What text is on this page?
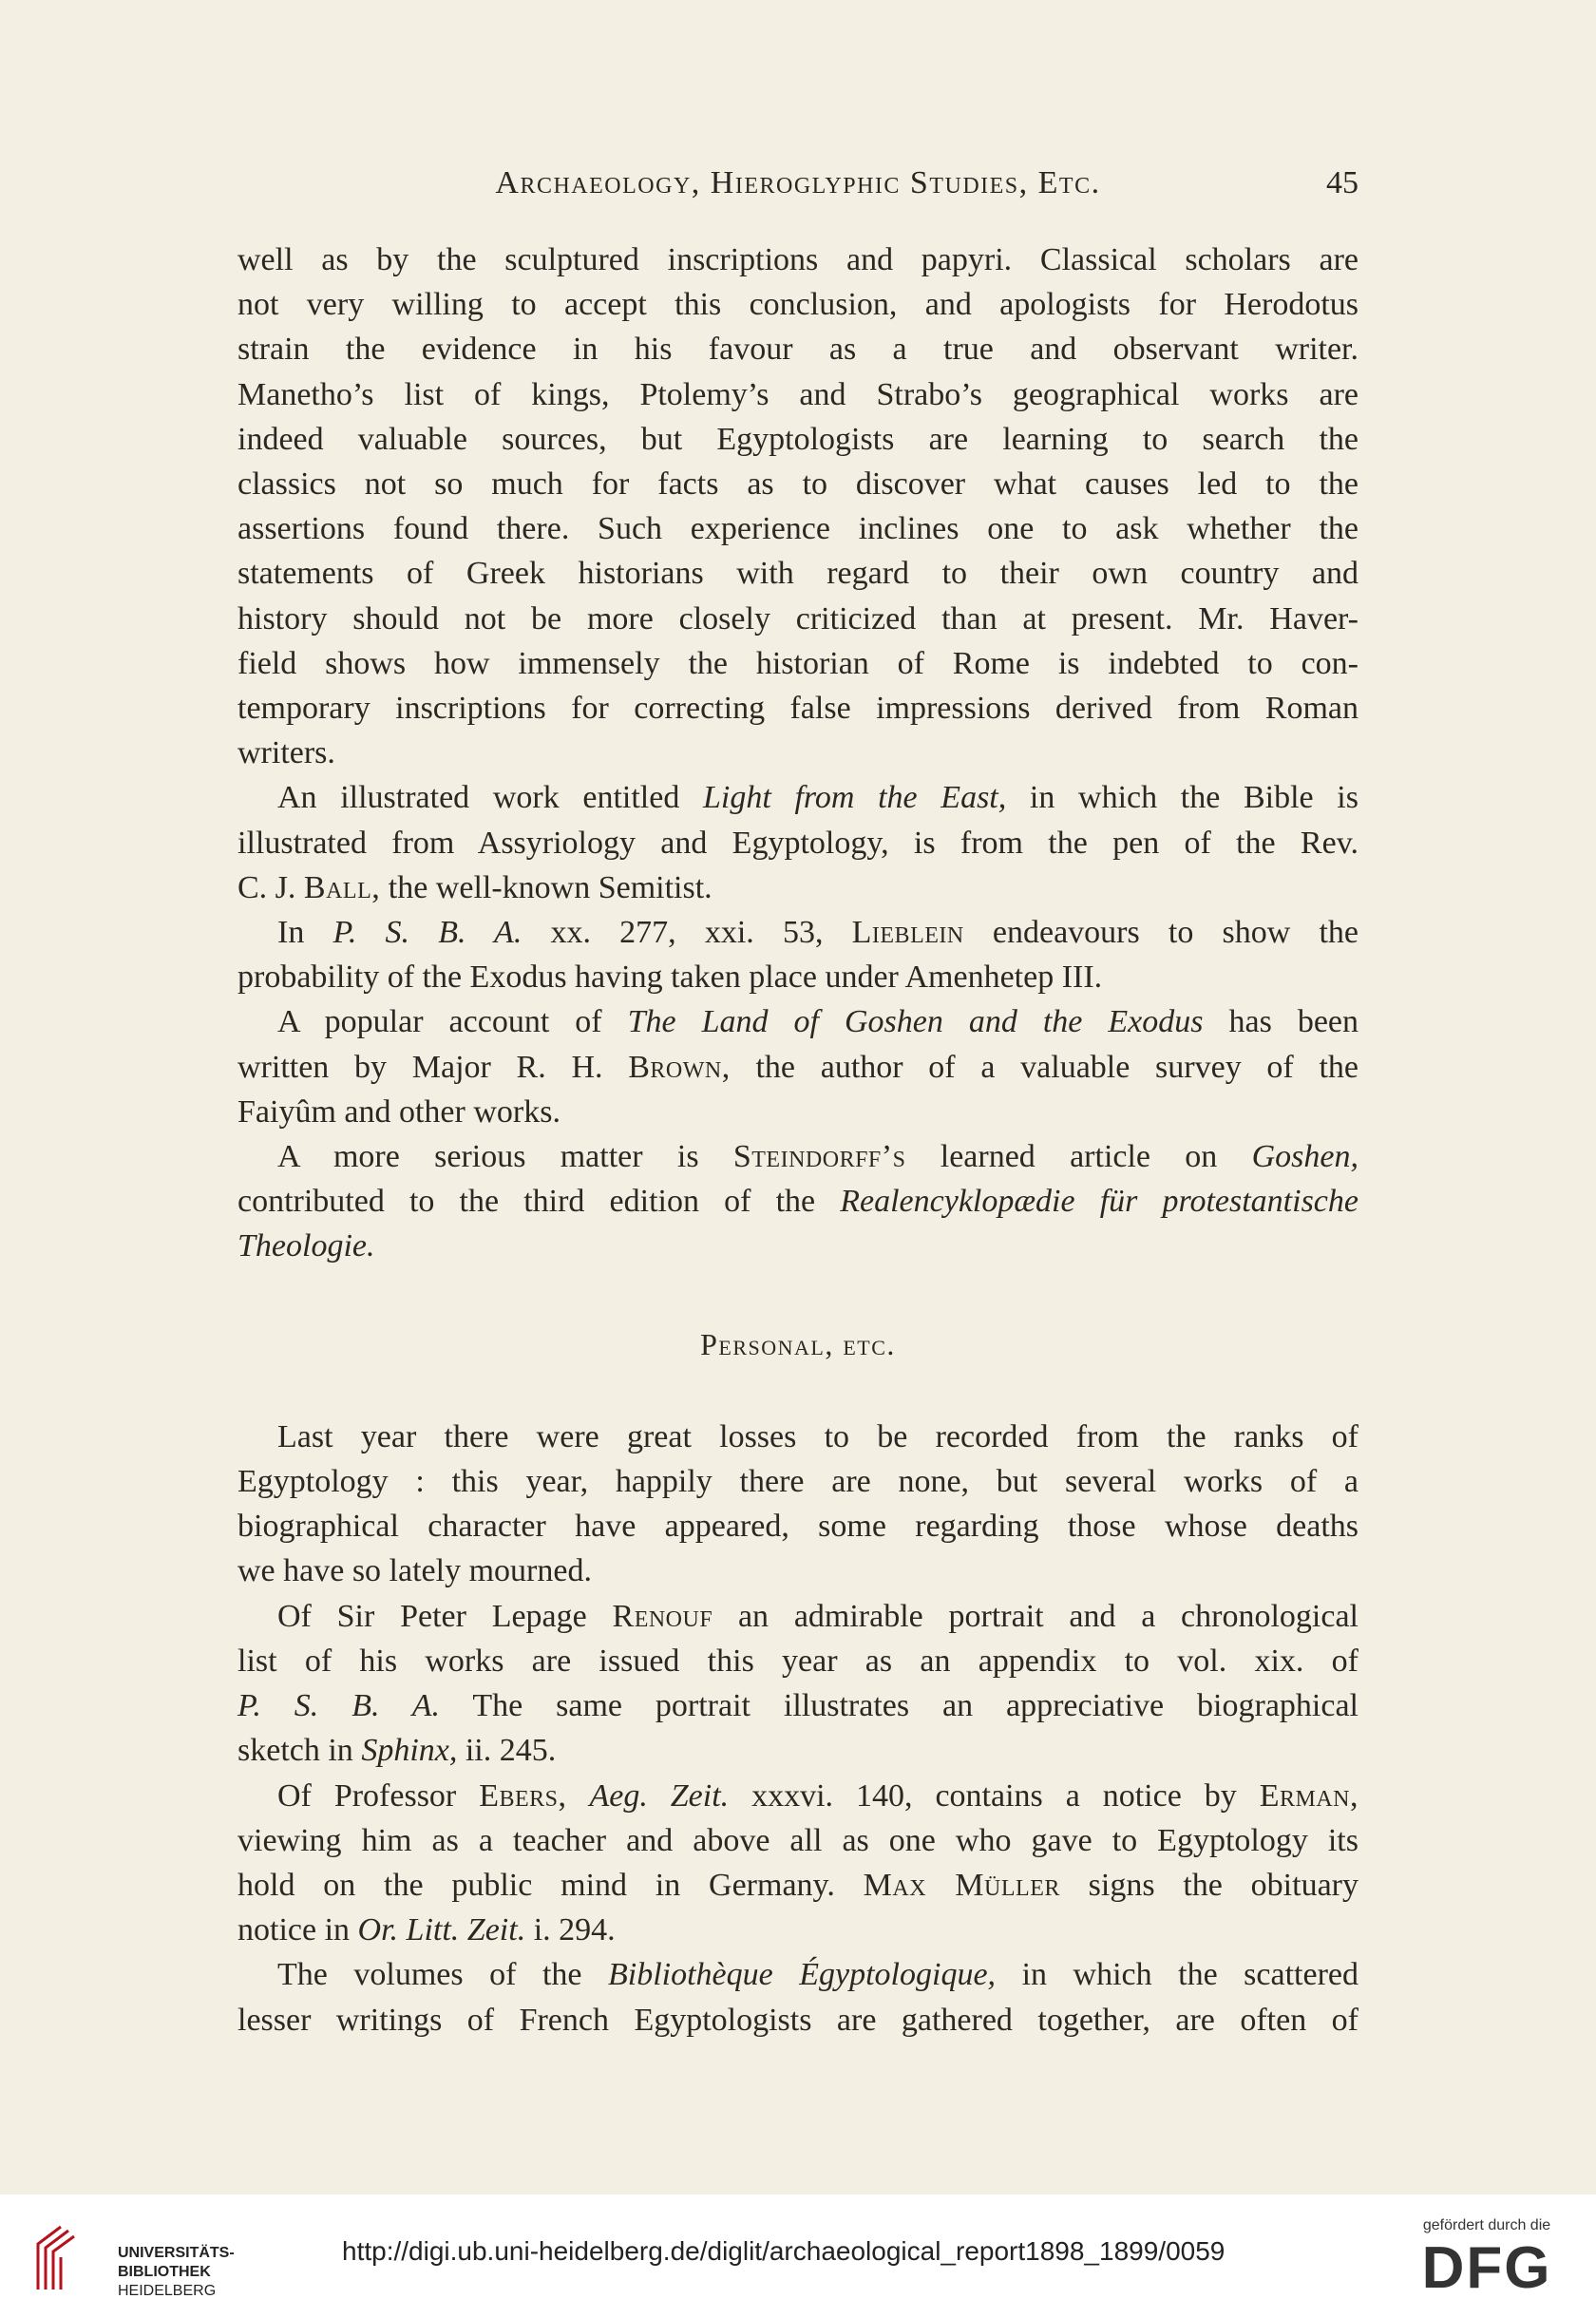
Archaeology, Hieroglyphic Studies, Etc.	45

well as by the sculptured inscriptions and papyri. Classical scholars are
not very willing to accept this conclusion, and apologists for Herodotus
strain the evidence in his favour as a true and observant writer.
Manetho’s list of kings, Ptolemy’s and Strabo’s geographical works are
indeed valuable sources, but Egyptologists are learning to search the
classics not so much for facts as to discover what causes led to the
assertions found there. Such experience inclines one to ask whether the
statements of Greek historians with regard to their own country and
history should not be more closely criticized than at present. Mr. Haver-
field shows how immensely the historian of Rome is indebted to con-
temporary inscriptions for correcting false impressions derived from Roman
writers.

An illustrated work entitled Light from the East, in which the Bible is
illustrated from Assyriology and Egyptology, is from the pen of the Rev.
C. J. Ball, the well-known Semitist.

In P. S. B. A. xx. 277, xxi. 53, Lieblein endeavours to show the
probability of the Exodus having taken place under Amenhetep III.

A popular account of The Land of Goshen and the Exodus has been
written by Major R. H. Brown, the author of a valuable survey of the
Faiyûm and other works.

A more serious matter is Steindorff’s learned article on Goshen,
contributed to the third edition of the Realencyklopædie für protestantische
Theologie.

Personal, etc.

Last year there were great losses to be recorded from the ranks of
Egyptology : this year, happily there are none, but several works of a
biographical character have appeared, some regarding those whose deaths
we have so lately mourned.

Of Sir Peter Lepage Renouf an admirable portrait and a chronological
list of his works are issued this year as an appendix to vol. xix. of
P. S. B. A. The same portrait illustrates an appreciative biographical
sketch in Sphinx, ii. 245.

Of Professor Ebers, Aeg. Zeit. xxxvi. 140, contains a notice by Erman,
viewing him as a teacher and above all as one who gave to Egyptology its
hold on the public mind in Germany. Max Müller signs the obituary
notice in Or. Litt. Zeit. i. 294.

The volumes of the Bibliothèque Égyptologique, in which the scattered
lesser writings of French Egyptologists are gathered together, are often of

UNIVERSITÄTS-
BIBLIOTHEK
HEIDELBERG
http://digi.ub.uni-heidelberg.de/diglit/archaeological_report1898_1899/0059
gefördert durch die
DFG
